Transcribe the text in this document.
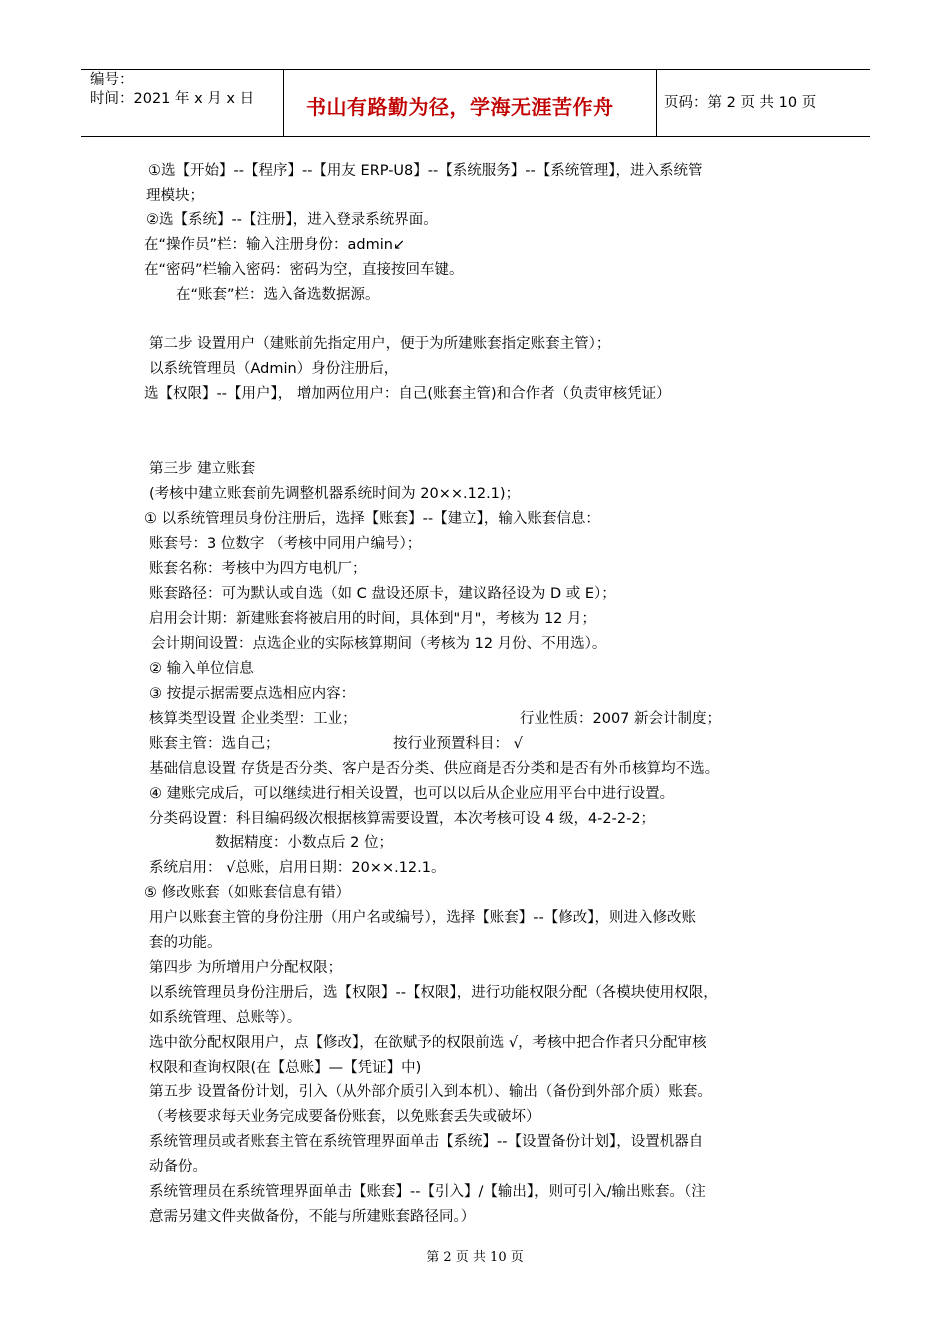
编号：
时间：2021 年 x 月 x 日	书山有路勤为径，学海无涯苦作舟	页码：第 2 页 共 10 页
①选【开始】--【程序】--【用友 ERP-U8】--【系统服务】--【系统管理】，进入系统管
理模块；
②选【系统】--【注册】，进入登录系统界面。
在“操作员”栏：输入注册身份：admin↙
在“密码”栏输入密码：密码为空，直接按回车键。
在“账套”栏：选入备选数据源。
第二步 设置用户（建账前先指定用户，便于为所建账套指定账套主管）；
以系统管理员（Admin）身份注册后，
选【权限】--【用户】， 增加两位用户：自己(账套主管)和合作者（负责审核凭证）
第三步 建立账套
(考核中建立账套前先调整机器系统时间为 20××.12.1)；
① 以系统管理员身份注册后，选择【账套】--【建立】，输入账套信息：
账套号：3 位数字 （考核中同用户编号）；
账套名称：考核中为四方电机厂；
账套路径：可为默认或自选（如 C 盘设还原卡，建议路径设为 D 或 E）；
启用会计期：新建账套将被启用的时间，具体到"月"，考核为 12 月；
会计期间设置：点选企业的实际核算期间（考核为 12 月份、不用选）。
② 输入单位信息
③ 按提示据需要点选相应内容：
核算类型设置 企业类型：工业；	行业性质：2007 新会计制度；
账套主管：选自己；	按行业预置科目： √
基础信息设置 存货是否分类、客户是否分类、供应商是否分类和是否有外币核算均不选。
④ 建账完成后，可以继续进行相关设置，也可以以后从企业应用平台中进行设置。
分类码设置：科目编码级次根据核算需要设置，本次考核可设 4 级，4-2-2-2；
数据精度：小数点后 2 位；
系统启用： √总账，启用日期：20××.12.1。
⑤ 修改账套（如账套信息有错）
用户以账套主管的身份注册（用户名或编号），选择【账套】--【修改】，则进入修改账
套的功能。
第四步 为所增用户分配权限；
以系统管理员身份注册后，选【权限】--【权限】，进行功能权限分配（各模块使用权限，
如系统管理、总账等）。
选中欲分配权限用户，点【修改】，在欲赋予的权限前选 √，考核中把合作者只分配审核
权限和查询权限(在【总账】—【凭证】中)
第五步 设置备份计划，引入（从外部介质引入到本机）、输出（备份到外部介质）账套。
（考核要求每天业务完成要备份账套，以免账套丢失或破坏）
系统管理员或者账套主管在系统管理界面单击【系统】--【设置备份计划】，设置机器自
动备份。
系统管理员在系统管理界面单击【账套】--【引入】/【输出】，则可引入/输出账套。（注
意需另建文件夹做备份，不能与所建账套路径同。）
第 2 页 共 10 页
